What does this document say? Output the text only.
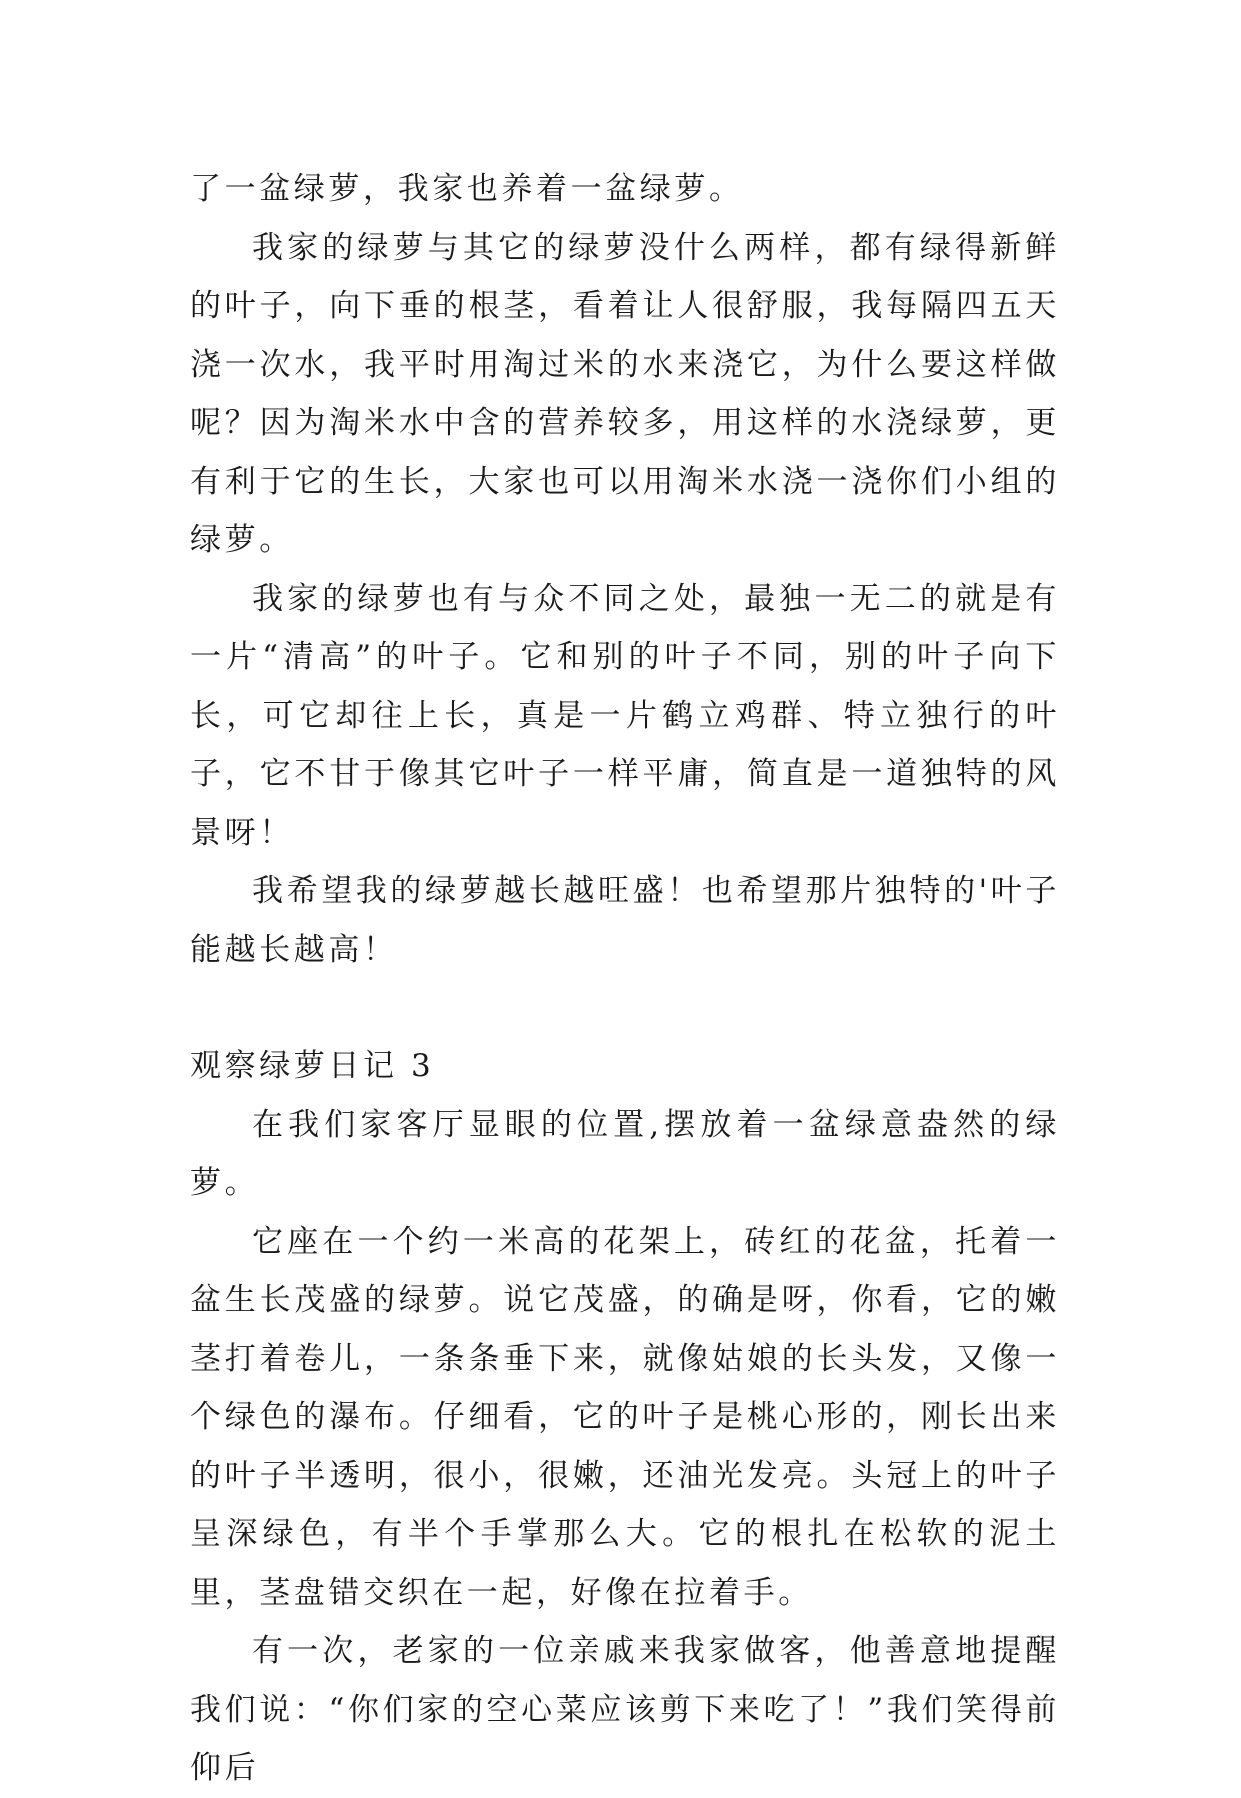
了一盆绿萝，我家也养着一盆绿萝。

我家的绿萝与其它的绿萝没什么两样，都有绿得新鲜的叶子，向下垂的根茎，看着让人很舒服，我每隔四五天浇一次水，我平时用淘过米的水来浇它，为什么要这样做呢？因为淘米水中含的营养较多，用这样的水浇绿萝，更有利于它的生长，大家也可以用淘米水浇一浇你们小组的绿萝。

我家的绿萝也有与众不同之处，最独一无二的就是有一片“清高”的叶子。它和别的叶子不同，别的叶子向下长，可它却往上长，真是一片鹤立鸡群、特立独行的叶子，它不甘于像其它叶子一样平庸，简直是一道独特的风景呀！

我希望我的绿萝越长越旺盛！也希望那片独特的'叶子能越长越高！

观察绿萝日记 3

在我们家客厅显眼的位置,摆放着一盆绿意盎然的绿萝。

它座在一个约一米高的花架上，砖红的花盆，托着一盆生长茂盛的绿萝。说它茂盛，的确是呀，你看，它的嫩茎打着卷儿，一条条垂下来，就像姑娘的长头发，又像一个绿色的瀑布。仔细看，它的叶子是桃心形的，刚长出来的叶子半透明，很小，很嫩，还油光发亮。头冠上的叶子呈深绿色，有半个手掌那么大。它的根扎在松软的泥土里，茎盘错交织在一起，好像在拉着手。

有一次，老家的一位亲戚来我家做客，他善意地提醒我们说：“你们家的空心菜应该剪下来吃了！”我们笑得前仰后
